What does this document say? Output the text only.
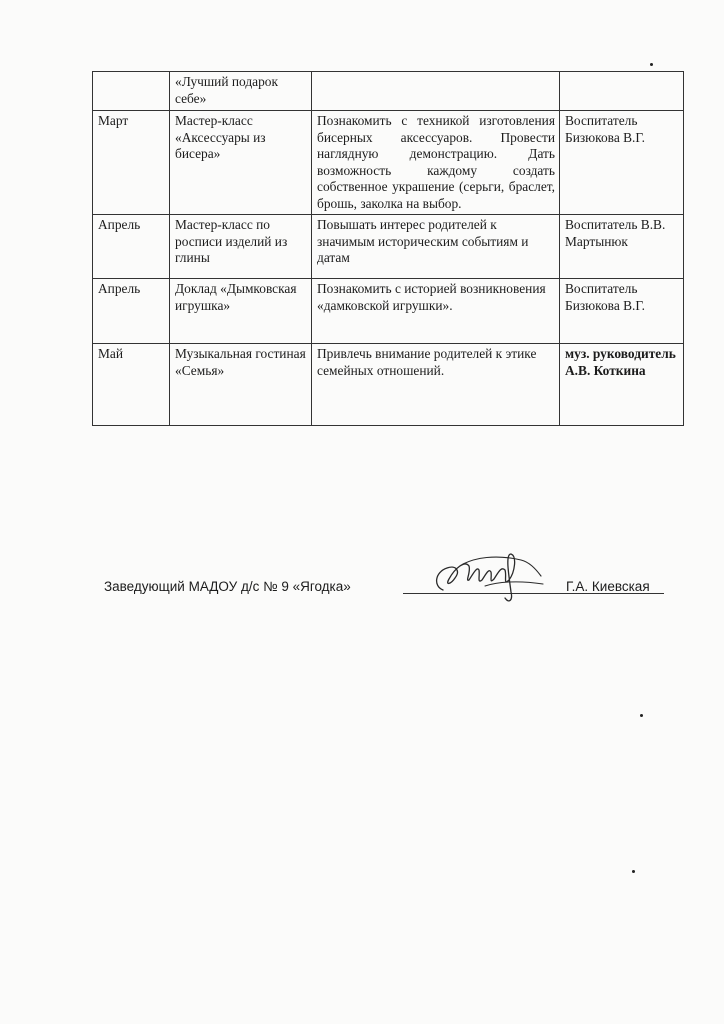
	«Лучший подарок себе»		
Март	Мастер-класс «Аксессуары из бисера»	Познакомить с техникой изготовления бисерных аксессуаров. Провести наглядную демонстрацию. Дать возможность каждому создать собственное украшение (серьги, браслет, брошь, заколка на выбор.	Воспитатель Бизюкова В.Г.
Апрель	Мастер-класс по росписи изделий из глины	Повышать интерес родителей к значимым историческим событиям и датам	Воспитатель В.В. Мартынюк
Апрель	Доклад «Дымковская игрушка»	Познакомить с историей возникновения «дамковской игрушки».	Воспитатель Бизюкова В.Г.
Май	Музыкальная гостиная «Семья»	Привлечь внимание родителей к этике семейных отношений.	муз. руководитель А.В. Коткина
Заведующий МАДОУ д/с № 9 «Ягодка»	Г.А. Киевская
